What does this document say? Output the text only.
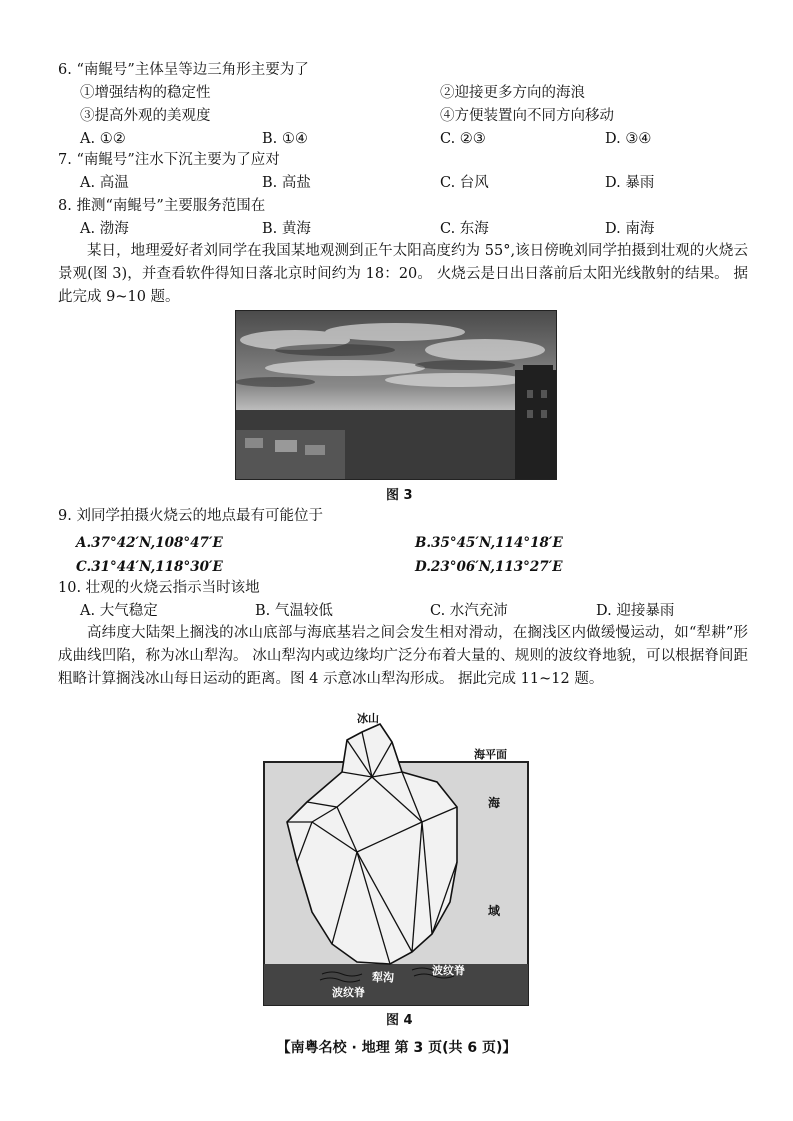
6. “南鲲号”主体呈等边三角形主要为了
①增强结构的稳定性	②迎接更多方向的海浪
③提高外观的美观度	④方便装置向不同方向移动
A. ①②	B. ①④	C. ②③	D. ③④
7. “南鲲号”注水下沉主要为了应对
A. 高温	B. 高盐	C. 台风	D. 暴雨
8. 推测“南鲲号”主要服务范围在
A. 渤海	B. 黄海	C. 东海	D. 南海
某日，地理爱好者刘同学在我国某地观测到正午太阳高度约为 55°,该日傍晚刘同学拍摄到壮观的火烧云景观(图 3)，并查看软件得知日落北京时间约为 18：20。 火烧云是日出日落前后太阳光线散射的结果。 据此完成 9~10 题。
图 3
9. 刘同学拍摄火烧云的地点最有可能位于
A.37°42′N,108°47′E	B.35°45′N,114°18′E
C.31°44′N,118°30′E	D.23°06′N,113°27′E
10. 壮观的火烧云指示当时该地
A. 大气稳定	B. 气温较低	C. 水汽充沛	D. 迎接暴雨
高纬度大陆架上搁浅的冰山底部与海底基岩之间会发生相对滑动，在搁浅区内做缓慢运动，如“犁耕”形成曲线凹陷，称为冰山犁沟。 冰山犁沟内或边缘均广泛分布着大量的、规则的波纹脊地貌，可以根据脊间距粗略计算搁浅冰山每日运动的距离。图 4 示意冰山犁沟形成。 据此完成 11~12 题。
冰山
海平面
海
域
犁沟
波纹脊
波纹脊
图 4
【南粤名校 · 地理 第 3 页(共 6 页)】
